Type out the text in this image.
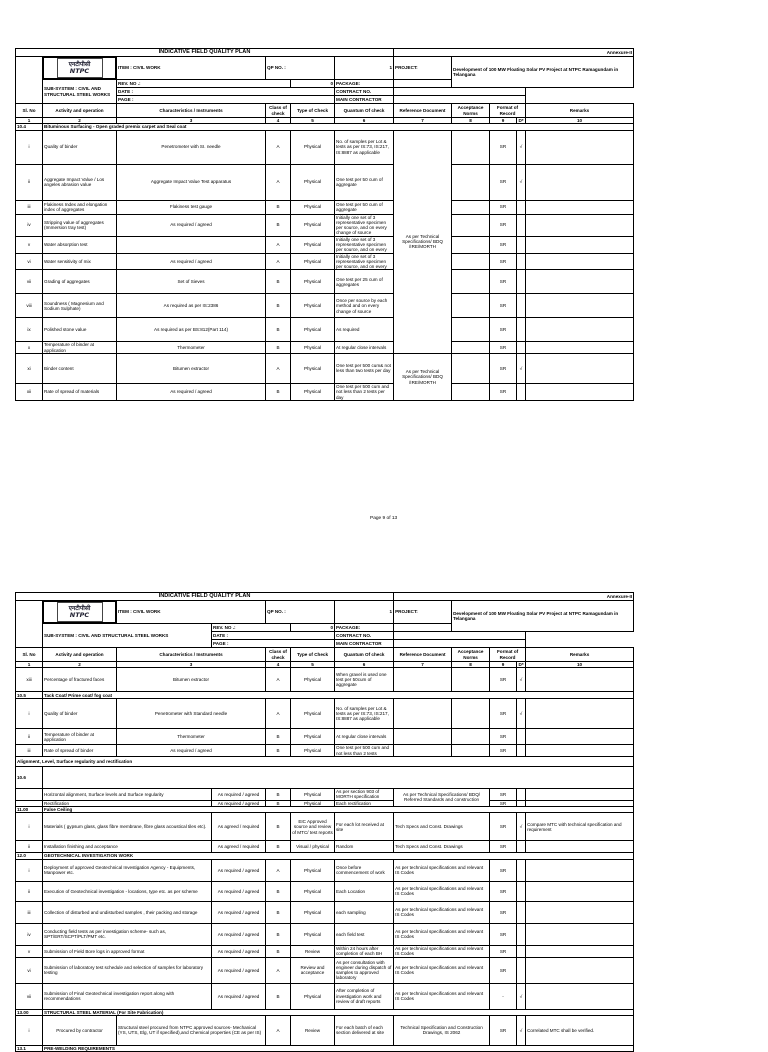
INDICATIVE FIELD QUALITY PLAN						Annexure-II				

एनटीपीसी
NTPC	ITEM : CIVIL WORK	QP NO. :		1	PROJECT:	Development of 100 MW Floating Solar PV Project at NTPC Ramagundam in Telangana			
	SUB-SYSTEM : CIVIL AND STRUCTURAL STEEL WORKS	REV. NO .:		0	PACKAGE:					
		DATE :			CONTRACT NO.					
		PAGE :			MAIN CONTRACTOR					
Sl. No	Activity and operation	Characteristics / Instruments	Class of check	Type of Check	Quantum Of check	Reference Document	Acceptance Norms	Format of Record		Remarks
1	2	3	4	5	6	7	8	9	D*	10
10.4	Bituminous Surfacing - Open graded premix carpet and Seal coat									
i	Quality of binder	Penetrometer with SI. needle	A	Physical	No. of samples per Lot & tests as per IS:73, IS:217, IS:8887 as applicable	As per Technical Specifications/ BDQ /IRE/MORTH		SR	√	
ii	Aggregate Impact Value / Los angeles abrasion value	Aggregate Impact Value Test apparatus	A	Physical	One test per 50 cum of aggregate			SR	√	
iii	Flakiness Index and elongation index of aggregates	Flakiness test gauge	B	Physical	One test per 50 cum of aggregate			SR		
iv	Stripping value of aggregates (Immersion tray test)	As required / agreed	B	Physical	Initially one set of 3 representative specimen per source, and on every change of source			SR		
v	Water absorption test		A	Physical	Initially one set of 3 representative specimen per source, and on every			SR		
vi	Water sensitivity of mix	As required / agreed	A	Physical	Initially one set of 3 representative specimen per source, and on every			SR		
vii	Grading of aggregates	Set of Sieves	B	Physical	One test per 25 cum of aggregates			SR		
viii	Soundness ( Magnesium and Sodium Sulphate)	As required as per IS:2386	B	Physical	Once per source by each method and on every change of source			SR		
ix	Polished stone value	As required as per BS:812(Part 114)	B	Physical	As required			SR		
x	Temperature of binder at application	Thermometer	B	Physical	At regular close intervals			SR		
xi	Binder content	Bitumen extractor	A	Physical	One test per 500 cum& not less than two tests per day	As per Technical Specifications/ BDQ /IRE/MORTH		SR	√	
xii	Rate of spread of materials	As required / agreed	B	Physical	One test per 500 cum and not less than 2 tests per day			SR		
Page 9 of 13
INDICATIVE FIELD QUALITY PLAN							Annexure-II				

एनटीपीसी
NTPC	ITEM : CIVIL WORK		QP NO. :		1	PROJECT:	Development of 100 MW Floating Solar PV Project at NTPC Ramagundam in Telangana			
	SUB-SYSTEM : CIVIL AND STRUCTURAL STEEL WORKS		REV. NO .:		0	PACKAGE:					
			DATE :			CONTRACT NO.					
			PAGE :			MAIN CONTRACTOR					
Sl. No	Activity and operation	Characteristics / Instruments		Class of check	Type of Check	Quantum Of check	Reference Document	Acceptance Norms	Format of Record		Remarks
1	2	3		4	5	6	7	8	9	D*	10
xiii	Percentage of fractured faces	Bitumen extractor		A	Physical	When gravel is used one test per 50cum of aggregate			SR	√	
10.5	Tack Coat/ Prime coat/ fog coat										
i	Quality of binder	Penetrometer with Standard needle		A	Physical	No. of samples per Lot & tests as per IS:73, IS:217, IS:8887 as applicable			SR	√	
ii	Temperature of binder at application	Thermometer		B	Physical	At regular close intervals			SR		
iii	Rate of spread of binder	As required / agreed		B	Physical	One test per 500 cum and not less than 2 tests			SR		
Alignment, Level, Surface regularity and rectification											
10.6											
	Horizontal alignment, Surface levels and Surface regularity		As required / agreed	B	Physical	As per section 903 of MORTH specification	As per Technical Specifications/ BDQ/ Referred Standards and construction		SR		
	Rectification		As required / agreed	B	Physical	Each rectification			SR		
11.00	False Ceiling										
i	Materials ( gypsum glass, glass fibre membrane, fibre glass acoustical tiles etc).		As agreed / required	B	EIC Approved source and review of MTC/ test reports	For each lot received at site	Tech Specs and Const. Drawings		SR	√	Compare MTC with technical specification and requirement
ii	Installation finishing and acceptance		As agreed / required	B	Visual / physical	Random	Tech Specs and Const. Drawings		SR		
12.0	GEOTECHNICAL INVESTIGATION WORK										
i	Deployment of approved Geotechnical Investigation Agency - Equipments, Manpower etc.		As required / agreed	A	Physical	Once before commencement of work	As per technical specifications and relevant IS Codes		SR		
ii	Execution of Geotechnical investigation - locations, type etc. as per scheme		As required / agreed	B	Physical	Each Location	As per technical specifications and relevant IS Codes		SR		
iii	Collection of disturbed and undisturbed samples , their packing and storage		As required / agreed	B	Physical	each sampling	As per technical specifications and relevant IS Codes		SR		
iv	Conducting field tests as per investigation scheme- such as, SPT/ERT/SCPT/PLT/PMT etc.		As required / agreed	B	Physical	each field test	As per technical specifications and relevant IS Codes		SR		
v	Submission of Field Bore logs in approved format		As required / agreed	B	Review	Within 24 hours after completion of each BH	As per technical specifications and relevant IS Codes		SR		
vi	Submission of laboratory test schedule and selection of samples for laboratory testing		As required / agreed	A	Review and acceptance	As per consultation with engineer during dispatch of samples to approved laboratory	As per technical specifications and relevant IS Codes		SR		
vii	Submission of Final Geotechnical investigation report along with recommendations		As required / agreed	B	Physical	After completion of investigation work and review of draft reports	As per technical specifications and relevant IS Codes		-	√	
13.00	STRUCTURAL STEEL MATERIAL (For Site Fabrication)										
i	Procured by contractor	Structural steel procured from NTPC approved sources- Mechanical (YS, UTS, Elg, UT if specified),and Chemical properties (CE as per IS)		A	Review	For each batch of each section delivered at site	Technical Specification and Construction Drawings, IS 2062		SR	√	Correlated MTC shall be verified.
13.1	PRE-WELDING REQUIREMENTS										
